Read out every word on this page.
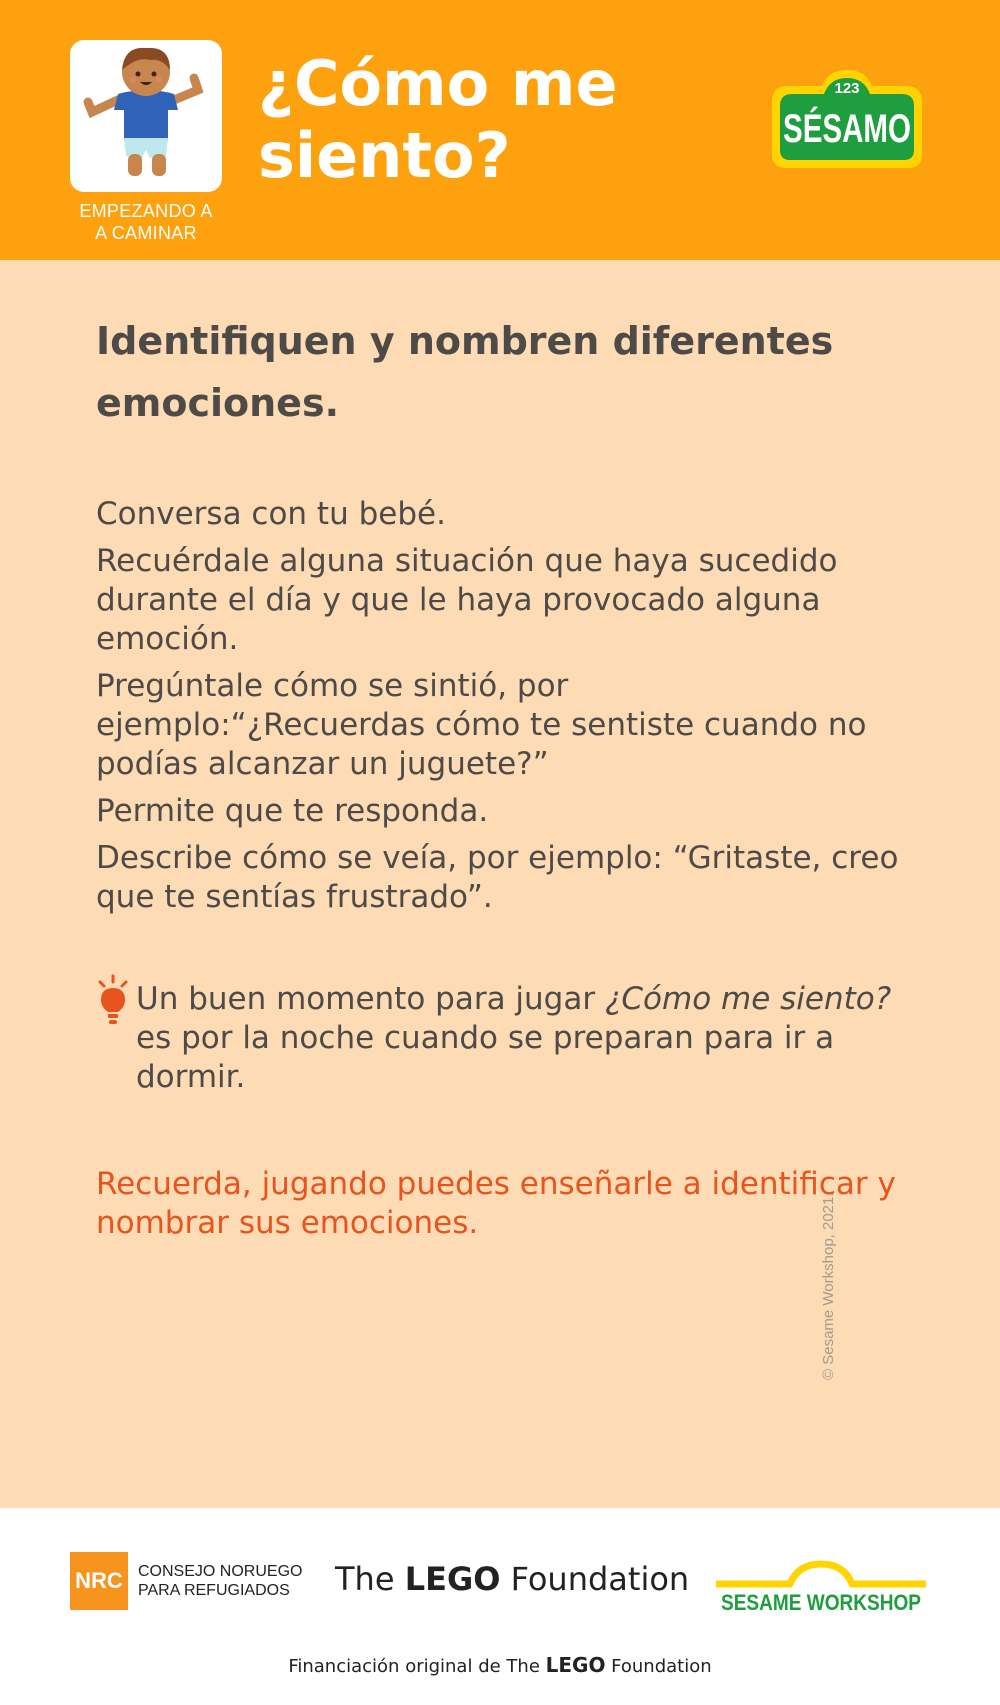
EMPEZANDO A
A CAMINAR
¿Cómo me
siento?
123
SÉSAMO

Identifiquen y nombren diferentes emociones.

Conversa con tu bebé.

Recuérdale alguna situación que haya sucedido durante el día y que le haya provocado alguna emoción.

Pregúntale cómo se sintió, por ejemplo:“¿Recuerdas cómo te sentiste cuando no podías alcanzar un juguete?”

Permite que te responda.

Describe cómo se veía, por ejemplo: “Gritaste, creo que te sentías frustrado”.

Un buen momento para jugar ¿Cómo me siento? es por la noche cuando se preparan para ir a dormir.
Recuerda, jugando puedes enseñarle a identificar y nombrar sus emociones.	© Sesame Workshop, 2021.
NRC CONSEJO NORUEGO
PARA REFUGIADOS	The LEGO Foundation
SESAME WORKSHOP
Financiación original de The LEGO Foundation
